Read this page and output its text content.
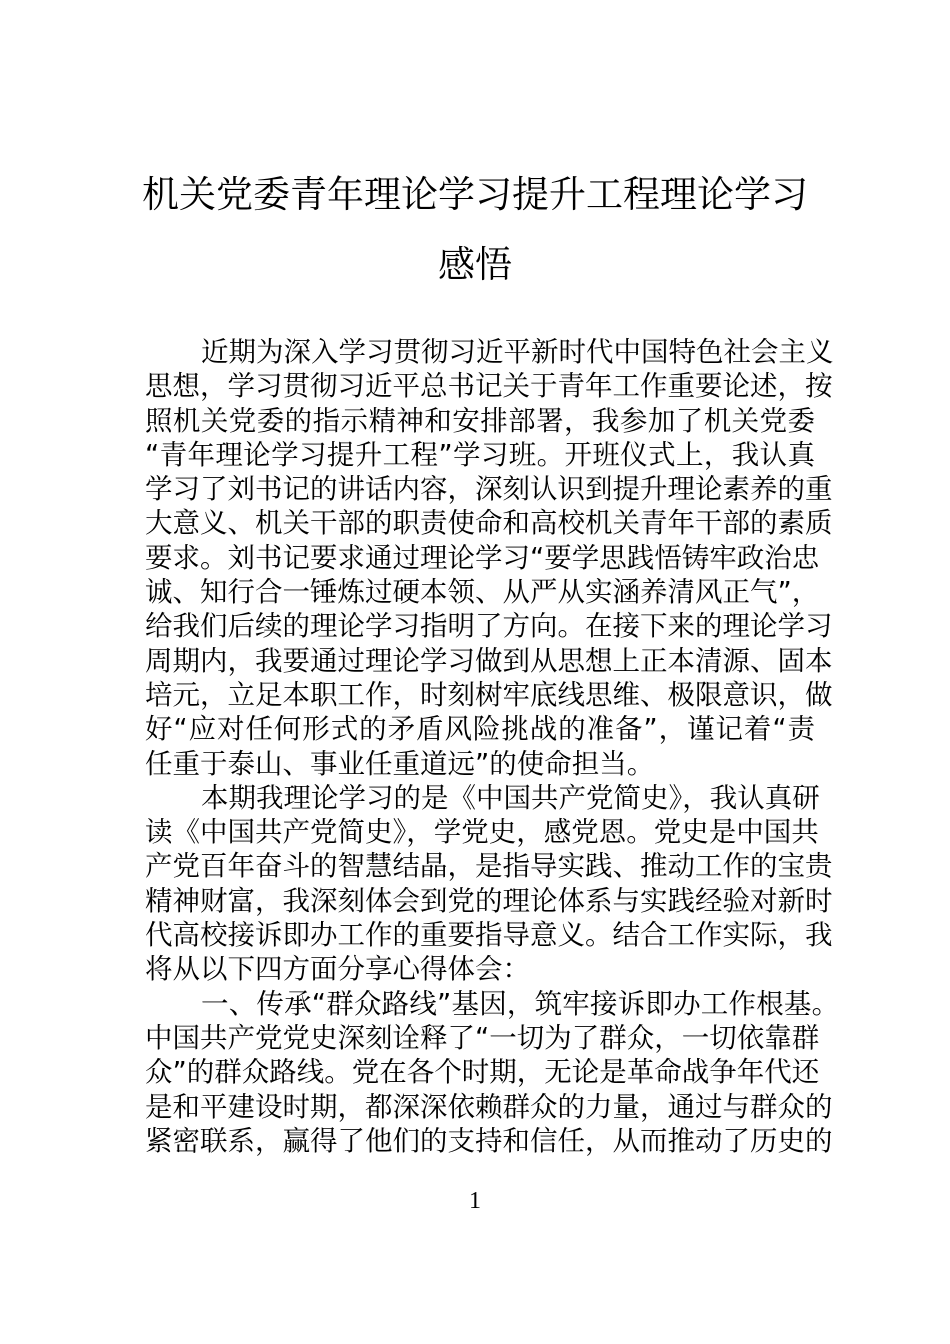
机关党委青年理论学习提升工程理论学习
感悟
近期为深入学习贯彻习近平新时代中国特色社会主义
思想，学习贯彻习近平总书记关于青年工作重要论述，按
照机关党委的指示精神和安排部署，我参加了机关党委
“青年理论学习提升工程”学习班。开班仪式上，我认真
学习了刘书记的讲话内容，深刻认识到提升理论素养的重
大意义、机关干部的职责使命和高校机关青年干部的素质
要求。刘书记要求通过理论学习“要学思践悟铸牢政治忠
诚、知行合一锤炼过硬本领、从严从实涵养清风正气”，
给我们后续的理论学习指明了方向。在接下来的理论学习
周期内，我要通过理论学习做到从思想上正本清源、固本
培元，立足本职工作，时刻树牢底线思维、极限意识，做
好“应对任何形式的矛盾风险挑战的准备”，谨记着“责
任重于泰山、事业任重道远”的使命担当。
本期我理论学习的是《中国共产党简史》，我认真研
读《中国共产党简史》，学党史，感党恩。党史是中国共
产党百年奋斗的智慧结晶，是指导实践、推动工作的宝贵
精神财富，我深刻体会到党的理论体系与实践经验对新时
代高校接诉即办工作的重要指导意义。结合工作实际，我
将从以下四方面分享心得体会：
一、传承“群众路线”基因，筑牢接诉即办工作根基。
中国共产党党史深刻诠释了“一切为了群众，一切依靠群
众”的群众路线。党在各个时期，无论是革命战争年代还
是和平建设时期，都深深依赖群众的力量，通过与群众的
紧密联系，赢得了他们的支持和信任，从而推动了历史的
1
